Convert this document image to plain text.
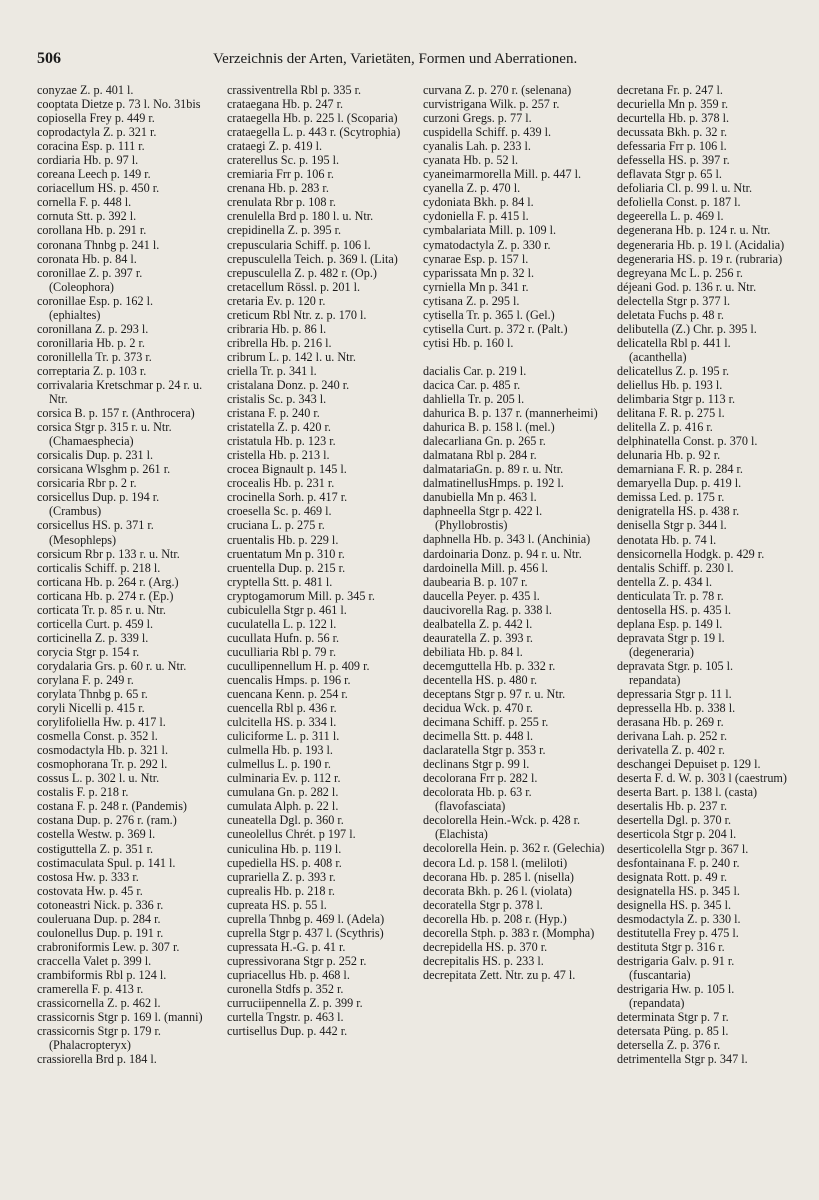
506	Verzeichnis der Arten, Varietäten, Formen und Aberrationen.
conyzae Z. p. 401 l.
cooptata Dietze p. 73 l. No. 31bis
copiosella Frey p. 449 r.
coprodactyla Z. p. 321 r.
coracina Esp. p. 111 r.
cordiaria Hb. p. 97 l.
coreana Leech p. 149 r.
coriacellum HS. p. 450 r.
cornella F. p. 448 l.
cornuta Stt. p. 392 l.
corollana Hb. p. 291 r.
coronana Thnbg p. 241 l.
coronata Hb. p. 84 l.
coronillae Z. p. 397 r. (Coleophora)
coronillae Esp. p. 162 l. (ephialtes)
coronillana Z. p. 293 l.
coronillaria Hb. p. 2 r.
coronillella Tr. p. 373 r.
correptaria Z. p. 103 r.
corrivalaria Kretschmar p. 24 r. u. Ntr.
corsica B. p. 157 r. (Anthrocera)
corsica Stgr p. 315 r. u. Ntr. (Chamaesphecia)
corsicalis Dup. p. 231 l.
corsicana Wlsghm p. 261 r.
corsicaria Rbr p. 2 r.
corsicellus Dup. p. 194 r. (Crambus)
corsicellus HS. p. 371 r. (Mesophleps)
corsicum Rbr p. 133 r. u. Ntr.
corticalis Schiff. p. 218 l.
corticana Hb. p. 264 r. (Arg.)
corticana Hb. p. 274 r. (Ep.)
corticata Tr. p. 85 r. u. Ntr.
corticella Curt. p. 459 l.
corticinella Z. p. 339 l.
corycia Stgr p. 154 r.
corydalaria Grs. p. 60 r. u. Ntr.
corylana F. p. 249 r.
corylata Thnbg p. 65 r.
coryli Nicelli p. 415 r.
corylifoliella Hw. p. 417 l.
cosmella Const. p. 352 l.
cosmodactyla Hb. p. 321 l.
cosmophorana Tr. p. 292 l.
cossus L. p. 302 l. u. Ntr.
costalis F. p. 218 r.
costana F. p. 248 r. (Pandemis)
costana Dup. p. 276 r. (ram.)
costella Westw. p. 369 l.
costiguttella Z. p. 351 r.
costimaculata Spul. p. 141 l.
costosa Hw. p. 333 r.
costovata Hw. p. 45 r.
cotoneastri Nick. p. 336 r.
couleruana Dup. p. 284 r.
coulonellus Dup. p. 191 r.
crabroniformis Lew. p. 307 r.
craccella Valet p. 399 l.
crambiformis Rbl p. 124 l.
cramerella F. p. 413 r.
crassicornella Z. p. 462 l.
crassicornis Stgr p. 169 l. (manni)
crassicornis Stgr p. 179 r. (Phalacropteryx)
crassiorella Brd p. 184 l.
crassiventrella Rbl p. 335 r.
crataegana Hb. p. 247 r.
crataegella Hb. p. 225 l. (Scoparia)
crataegella L. p. 443 r. (Scytrophia)
crataegi Z. p. 419 l.
craterellus Sc. p. 195 l.
cremiaria Frr p. 106 r.
crenana Hb. p. 283 r.
crenulata Rbr p. 108 r.
crenulella Brd p. 180 l. u. Ntr.
crepidinella Z. p. 395 r.
crepuscularia Schiff. p. 106 l.
crepusculella Teich. p. 369 l. (Lita)
crepusculella Z. p. 482 r. (Op.)
cretacellum Rössl. p. 201 l.
cretaria Ev. p. 120 r.
creticum Rbl Ntr. z. p. 170 l.
cribraria Hb. p. 86 l.
cribrella Hb. p. 216 l.
cribrum L. p. 142 l. u. Ntr.
criella Tr. p. 341 l.
cristalana Donz. p. 240 r.
cristalis Sc. p. 343 l.
cristana F. p. 240 r.
cristatella Z. p. 420 r.
cristatula Hb. p. 123 r.
cristella Hb. p. 213 l.
crocea Bignault p. 145 l.
crocealis Hb. p. 231 r.
crocinella Sorh. p. 417 r.
croesella Sc. p. 469 l.
cruciana L. p. 275 r.
cruentalis Hb. p. 229 l.
cruentatum Mn p. 310 r.
cruentella Dup. p. 215 r.
cryptella Stt. p. 481 l.
cryptogamorum Mill. p. 345 r.
cubiculella Stgr p. 461 l.
cuculatella L. p. 122 l.
cucullata Hufn. p. 56 r.
cuculliaria Rbl p. 79 r.
cucullipennellum H. p. 409 r.
cuencalis Hmps. p. 196 r.
cuencana Kenn. p. 254 r.
cuencella Rbl p. 436 r.
culcitella HS. p. 334 l.
culiciforme L. p. 311 l.
culmella Hb. p. 193 l.
culmellus L. p. 190 r.
culminaria Ev. p. 112 r.
cumulana Gn. p. 282 l.
cumulata Alph. p. 22 l.
cuneatella Dgl. p. 360 r.
cuneolellus Chrét. p 197 l.
cuniculina Hb. p. 119 l.
cupediella HS. p. 408 r.
cuprariella Z. p. 393 r.
cuprealis Hb. p. 218 r.
cupreata HS. p. 55 l.
cuprella Thnbg p. 469 l. (Adela)
cuprella Stgr p. 437 l. (Scythris)
cupressata H.-G. p. 41 r.
cupressivorana Stgr p. 252 r.
cupriacellus Hb. p. 468 l.
curonella Stdfs p. 352 r.
curruciipennella Z. p. 399 r.
curtella Tngstr. p. 463 l.
curtisellus Dup. p. 442 r.
curvana Z. p. 270 r. (selenana)
curvistrigana Wilk. p. 257 r.
curzoni Gregs. p. 77 l.
cuspidella Schiff. p. 439 l.
cyanalis Lah. p. 233 l.
cyanata Hb. p. 52 l.
cyaneimarmorella Mill. p. 447 l.
cyanella Z. p. 470 l.
cydoniata Bkh. p. 84 l.
cydoniella F. p. 415 l.
cymbalariata Mill. p. 109 l.
cymatodactyla Z. p. 330 r.
cynarae Esp. p. 157 l.
cyparissata Mn p. 32 l.
cyrniella Mn p. 341 r.
cytisana Z. p. 295 l.
cytisella Tr. p. 365 l. (Gel.)
cytisella Curt. p. 372 r. (Palt.)
cytisi Hb. p. 160 l.
dacialis Car. p. 219 l.
dacica Car. p. 485 r.
dahliella Tr. p. 205 l.
dahurica B. p. 137 r. (mannerheimi)
dahurica B. p. 158 l. (mel.)
dalecarliana Gn. p. 265 r.
dalmatana Rbl p. 284 r.
dalmatariaGn. p. 89 r. u. Ntr.
dalmatinellusHmps. p. 192 l.
danubiella Mn p. 463 l.
daphneella Stgr p. 422 l. (Phyllobrostis)
daphnella Hb. p. 343 l. (Anchinia)
dardoinaria Donz. p. 94 r. u. Ntr.
dardoinella Mill. p. 456 l.
daubearia B. p. 107 r.
daucella Peyer. p. 435 l.
daucivorella Rag. p. 338 l.
dealbatella Z. p. 442 l.
deauratella Z. p. 393 r.
debiliata Hb. p. 84 l.
decemguttella Hb. p. 332 r.
decentella HS. p. 480 r.
deceptans Stgr p. 97 r. u. Ntr.
decidua Wck. p. 470 r.
decimana Schiff. p. 255 r.
decimella Stt. p. 448 l.
daclaratella Stgr p. 353 r.
declinans Stgr p. 99 l.
decolorana Frr p. 282 l.
decolorata Hb. p. 63 r. (flavofasciata)
decolorella Hein.-Wck. p. 428 r. (Elachista)
decolorella Hein. p. 362 r. (Gelechia)
decora Ld. p. 158 l. (meliloti)
decorana Hb. p. 285 l. (nisella)
decorata Bkh. p. 26 l. (violata)
decoratella Stgr p. 378 l.
decorella Hb. p. 208 r. (Hyp.)
decorella Stph. p. 383 r. (Mompha)
decrepidella HS. p. 370 r.
decrepitalis HS. p. 233 l.
decrepitata Zett. Ntr. zu p. 47 l.
decretana Fr. p. 247 l.
decuriella Mn p. 359 r.
decurtella Hb. p. 378 l.
decussata Bkh. p. 32 r.
defessaria Frr p. 106 l.
defessella HS. p. 397 r.
deflavata Stgr p. 65 l.
defoliaria Cl. p. 99 l. u. Ntr.
defoliella Const. p. 187 l.
degeerella L. p. 469 l.
degenerana Hb. p. 124 r. u. Ntr.
degeneraria Hb. p. 19 l. (Acidalia)
degeneraria HS. p. 19 r. (rubraria)
degreyana Mc L. p. 256 r.
déjeani God. p. 136 r. u. Ntr.
delectella Stgr p. 377 l.
deletata Fuchs p. 48 r.
delibutella (Z.) Chr. p. 395 l.
delicatella Rbl p. 441 l. (acanthella)
delicatellus Z. p. 195 r.
deliellus Hb. p. 193 l.
delimbaria Stgr p. 113 r.
delitana F. R. p. 275 l.
delitella Z. p. 416 r.
delphinatella Const. p. 370 l.
delunaria Hb. p. 92 r.
demarniana F. R. p. 284 r.
demaryella Dup. p. 419 l.
demissa Led. p. 175 r.
denigratella HS. p. 438 r.
denisella Stgr p. 344 l.
denotata Hb. p. 74 l.
densicornella Hodgk. p. 429 r.
dentalis Schiff. p. 230 l.
dentella Z. p. 434 l.
denticulata Tr. p. 78 r.
dentosella HS. p. 435 l.
deplana Esp. p. 149 l.
depravata Stgr p. 19 l. (degeneraria)
depravata Stgr. p. 105 l. repandata)
depressaria Stgr p. 11 l.
depressella Hb. p. 338 l.
derasana Hb. p. 269 r.
derivana Lah. p. 252 r.
derivatella Z. p. 402 r.
deschangei Depuiset p. 129 l.
deserta F. d. W. p. 303 l (caestrum)
deserta Bart. p. 138 l. (casta)
desertalis Hb. p. 237 r.
desertella Dgl. p. 370 r.
deserticola Stgr p. 204 l.
deserticolella Stgr p. 367 l.
desfontainana F. p. 240 r.
designata Rott. p. 49 r.
designatella HS. p. 345 l.
designella HS. p. 345 l.
desmodactyla Z. p. 330 l.
destitutella Frey p. 475 l.
destituta Stgr p. 316 r.
destrigaria Galv. p. 91 r. (fuscantaria)
destrigaria Hw. p. 105 l. (repandata)
determinata Stgr p. 7 r.
detersata Püng. p. 85 l.
detersella Z. p. 376 r.
detrimentella Stgr p. 347 l.
